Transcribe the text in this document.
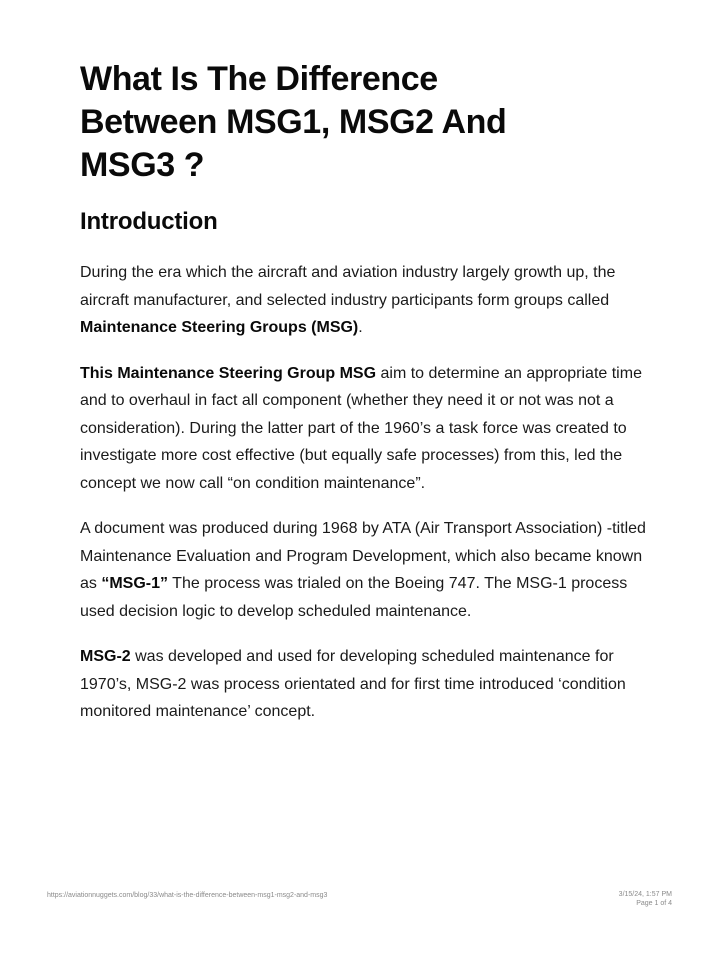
What Is The Difference
Between MSG1, MSG2 And
MSG3 ?
Introduction

During the era which the aircraft and aviation industry largely growth up, the aircraft manufacturer, and selected industry participants form groups called Maintenance Steering Groups (MSG).

This Maintenance Steering Group MSG aim to determine an appropriate time and to overhaul in fact all component (whether they need it or not was not a consideration). During the latter part of the 1960’s a task force was created to investigate more cost effective (but equally safe processes) from this, led the concept we now call “on condition maintenance”.

A document was produced during 1968 by ATA (Air Transport Association) -titled Maintenance Evaluation and Program Development, which also became known as “MSG-1” The process was trialed on the Boeing 747. The MSG-1 process used decision logic to develop scheduled maintenance.

MSG-2 was developed and used for developing scheduled maintenance for 1970’s, MSG-2 was process orientated and for first time introduced ‘condition monitored maintenance’ concept.

https://aviationnuggets.com/blog/33/what-is-the-difference-between-msg1-msg2-and-msg3	3/15/24, 1:57 PM
Page 1 of 4
